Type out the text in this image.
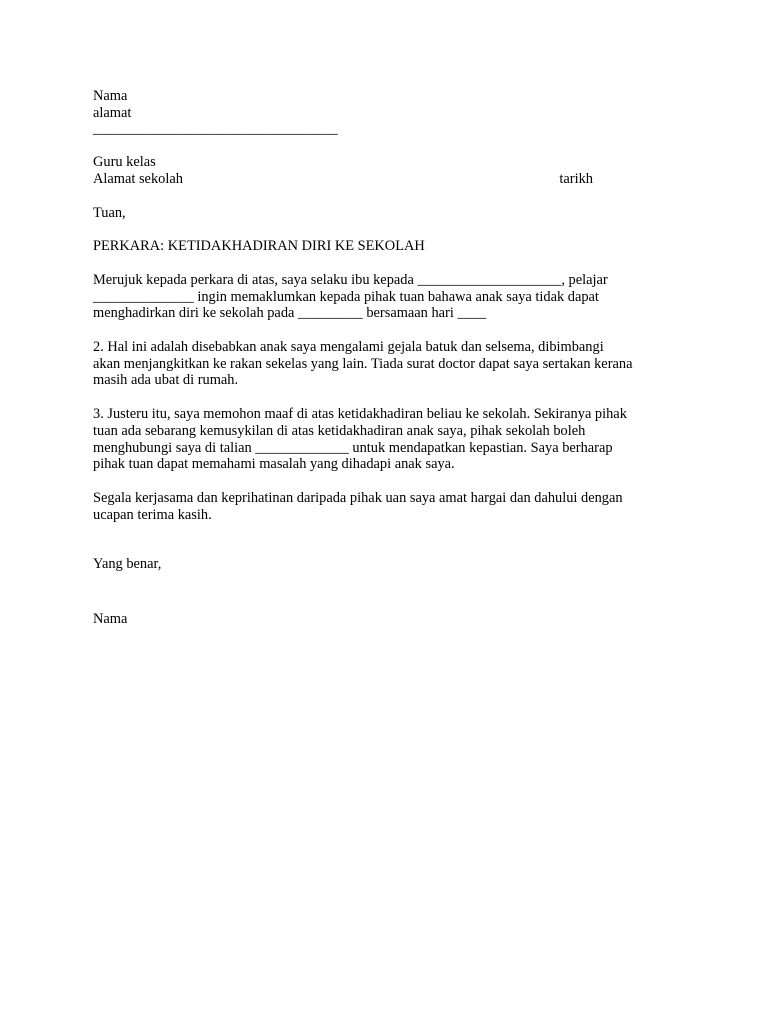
Nama
alamat
__________________________________
Guru kelas
Alamat sekolah	tarikh
Tuan,
PERKARA: KETIDAKHADIRAN DIRI KE SEKOLAH
Merujuk kepada perkara di atas, saya selaku ibu kepada ____________________, pelajar
______________ ingin memaklumkan kepada pihak tuan bahawa anak saya tidak dapat
menghadirkan diri ke sekolah pada _________ bersamaan hari ____
2. Hal ini adalah disebabkan anak saya mengalami gejala batuk dan selsema, dibimbangi
akan menjangkitkan ke rakan sekelas yang lain. Tiada surat doctor dapat saya sertakan kerana
masih ada ubat di rumah.
3. Justeru itu, saya memohon maaf di atas ketidakhadiran beliau ke sekolah. Sekiranya pihak
tuan ada sebarang kemusykilan di atas ketidakhadiran anak saya, pihak sekolah boleh
menghubungi saya di talian _____________ untuk mendapatkan kepastian. Saya berharap
pihak tuan dapat memahami masalah yang dihadapi anak saya.
Segala kerjasama dan keprihatinan daripada pihak uan saya amat hargai dan dahului dengan
ucapan terima kasih.
Yang benar,
Nama
